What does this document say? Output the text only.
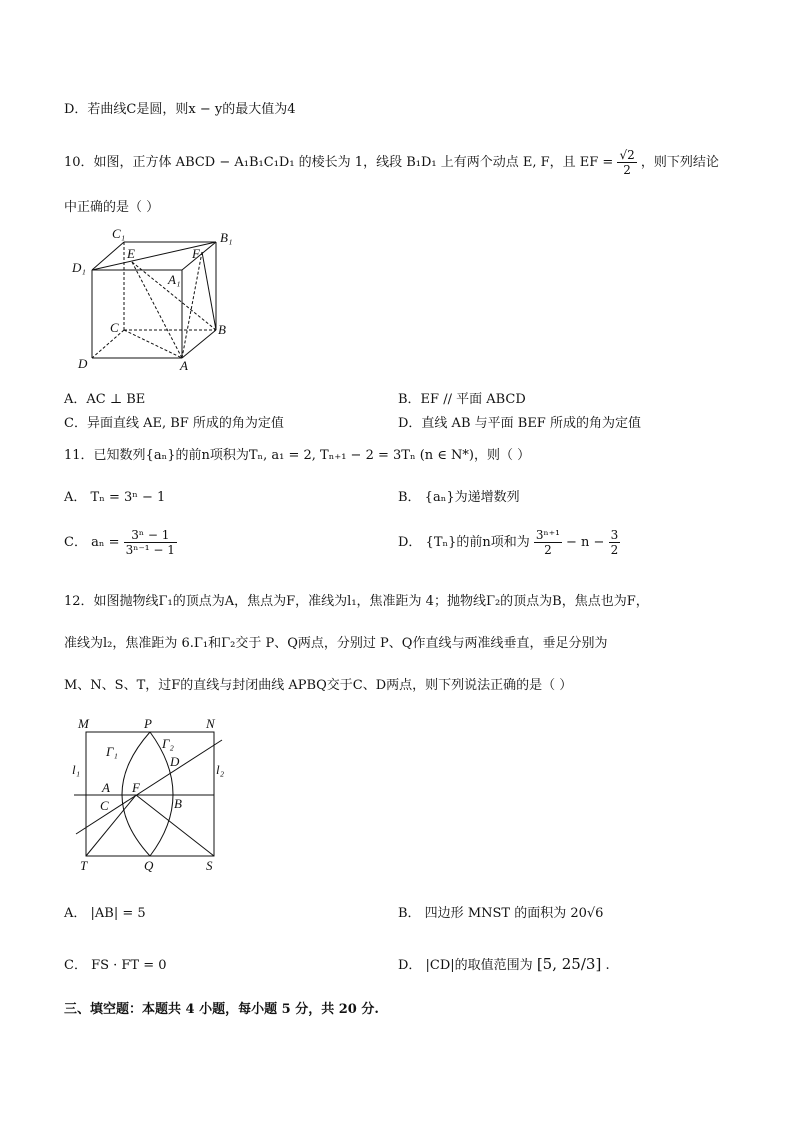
D．若曲线C是圆，则x − y的最大值为4
10．如图，正方体 ABCD − A₁B₁C₁D₁ 的棱长为 1，线段 B₁D₁ 上有两个动点 E, F，且 EF = $\frac{√2}{2}$ ，则下列结论
中正确的是（ ）
C₁	B₁
D₁
E	F
A₁
C	B
D	A
A．AC ⊥ BE	B．EF // 平面 ABCD
C．异面直线 AE, BF 所成的角为定值	D．直线 AB 与平面 BEF 所成的角为定值
11．已知数列{aₙ}的前n项积为Tₙ, a₁ = 2, Tₙ₊₁ − 2 = 3Tₙ (n ∈ N*)，则（ ）
A． Tₙ = 3ⁿ − 1	B． {aₙ}为递增数列
C． $a_n = \frac{\text{3ⁿ − 1}}{\text{3ⁿ⁻¹ − 1}}$	D． {Tₙ}的前n项和为 $\frac{\text{3ⁿ⁺¹}}{2} - n - \frac{3}{2}$
12．如图抛物线Γ₁的顶点为A，焦点为F，准线为l₁，焦准距为 4；抛物线Γ₂的顶点为B，焦点也为F，
准线为l₂，焦准距为 6.Γ₁和Γ₂交于 P、Q两点，分别过 P、Q作直线与两准线垂直，垂足分别为
M、N、S、T，过F的直线与封闭曲线 APBQ交于C、D两点，则下列说法正确的是（ ）
M	P	N
Γ₁
Γ₂
D
l₁	l₂
A F
C	B
T	Q	S
A． |AB| = 5	B． 四边形 MNST 的面积为 20√6
C． FS · FT = 0	D． |CD|的取值范围为 [5, 25/3] .
三、填空题：本题共 4 小题，每小题 5 分，共 20 分.
